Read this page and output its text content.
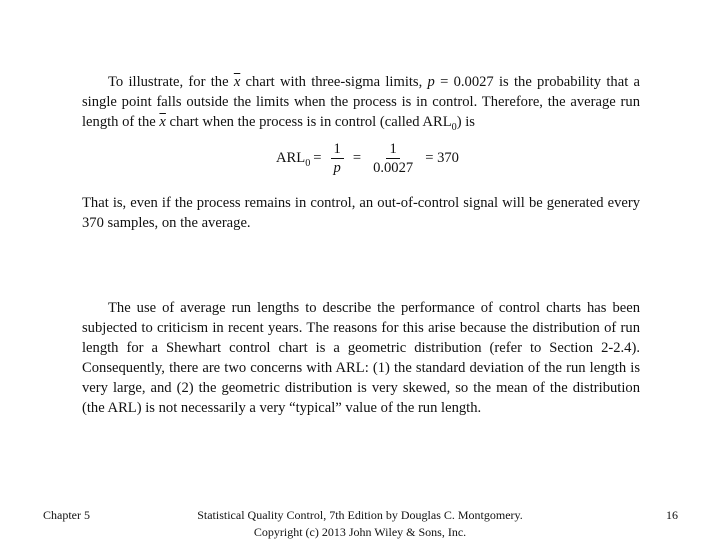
To illustrate, for the $\overline{x}$ chart with three-sigma limits, p = 0.0027 is the probability that a single point falls outside the limits when the process is in control. Therefore, the average run length of the $\overline{x}$ chart when the process is in control (called $ARL_0$) is

$ARL_0 = \frac{1}{p} = \frac{1}{0.0027} = 370$

That is, even if the process remains in control, an out-of-control signal will be generated every 370 samples, on the average.

The use of average run lengths to describe the performance of control charts has been subjected to criticism in recent years. The reasons for this arise because the distribution of run length for a Shewhart control chart is a geometric distribution (refer to Section 2-2.4). Consequently, there are two concerns with ARL: (1) the standard deviation of the run length is very large, and (2) the geometric distribution is very skewed, so the mean of the distribution (the ARL) is not necessarily a very “typical” value of the run length.

Chapter 5	Statistical Quality Control, 7th Edition by Douglas C. Montgomery.
Copyright (c) 2013 John Wiley & Sons, Inc.
16
